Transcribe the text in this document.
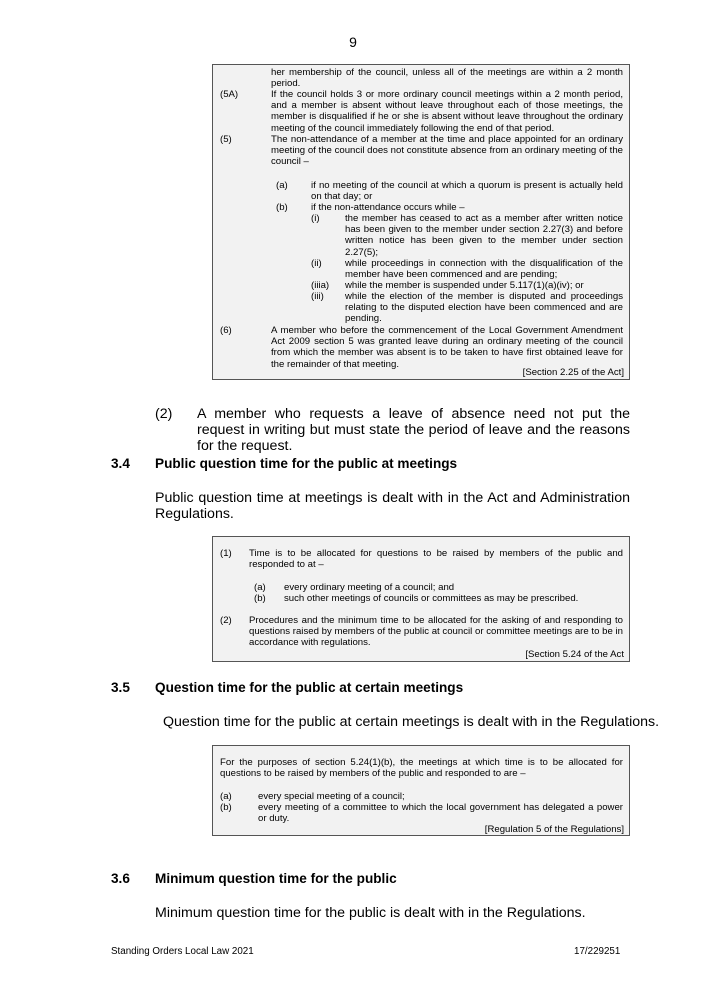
9
her membership of the council, unless all of the meetings are within a 2 month period.
(5A)	If the council holds 3 or more ordinary council meetings within a 2 month period, and a member is absent without leave throughout each of those meetings, the member is disqualified if he or she is absent without leave throughout the ordinary meeting of the council immediately following the end of that period.
(5)	The non-attendance of a member at the time and place appointed for an ordinary meeting of the council does not constitute absence from an ordinary meeting of the council –
(a) if no meeting of the council at which a quorum is present is actually held on that day; or
(b) if the non-attendance occurs while –
(i)	the member has ceased to act as a member after written notice has been given to the member under section 2.27(3) and before written notice has been given to the member under section 2.27(5);
(ii) while proceedings in connection with the disqualification of the member have been commenced and are pending;
(iiia) while the member is suspended under 5.117(1)(a)(iv); or
(iii) while the election of the member is disputed and proceedings relating to the disputed election have been commenced and are pending.
(6)	A member who before the commencement of the Local Government Amendment Act 2009 section 5 was granted leave during an ordinary meeting of the council from which the member was absent is to be taken to have first obtained leave for the remainder of that meeting.
[Section 2.25 of the Act]
(2) A member who requests a leave of absence need not put the request in writing but must state the period of leave and the reasons for the request.
3.4 Public question time for the public at meetings
Public question time at meetings is dealt with in the Act and Administration Regulations.
(1) Time is to be allocated for questions to be raised by members of the public and responded to at –
(a) every ordinary meeting of a council; and
(b) such other meetings of councils or committees as may be prescribed.
(2) Procedures and the minimum time to be allocated for the asking of and responding to questions raised by members of the public at council or committee meetings are to be in accordance with regulations.
[Section 5.24 of the Act
3.5 Question time for the public at certain meetings
Question time for the public at certain meetings is dealt with in the Regulations.
For the purposes of section 5.24(1)(b), the meetings at which time is to be allocated for questions to be raised by members of the public and responded to are –
(a)	every special meeting of a council;
(b)	every meeting of a committee to which the local government has delegated a power or duty.
[Regulation 5 of the Regulations]
3.6 Minimum question time for the public
Minimum question time for the public is dealt with in the Regulations.
Standing Orders Local Law 2021	17/229251
